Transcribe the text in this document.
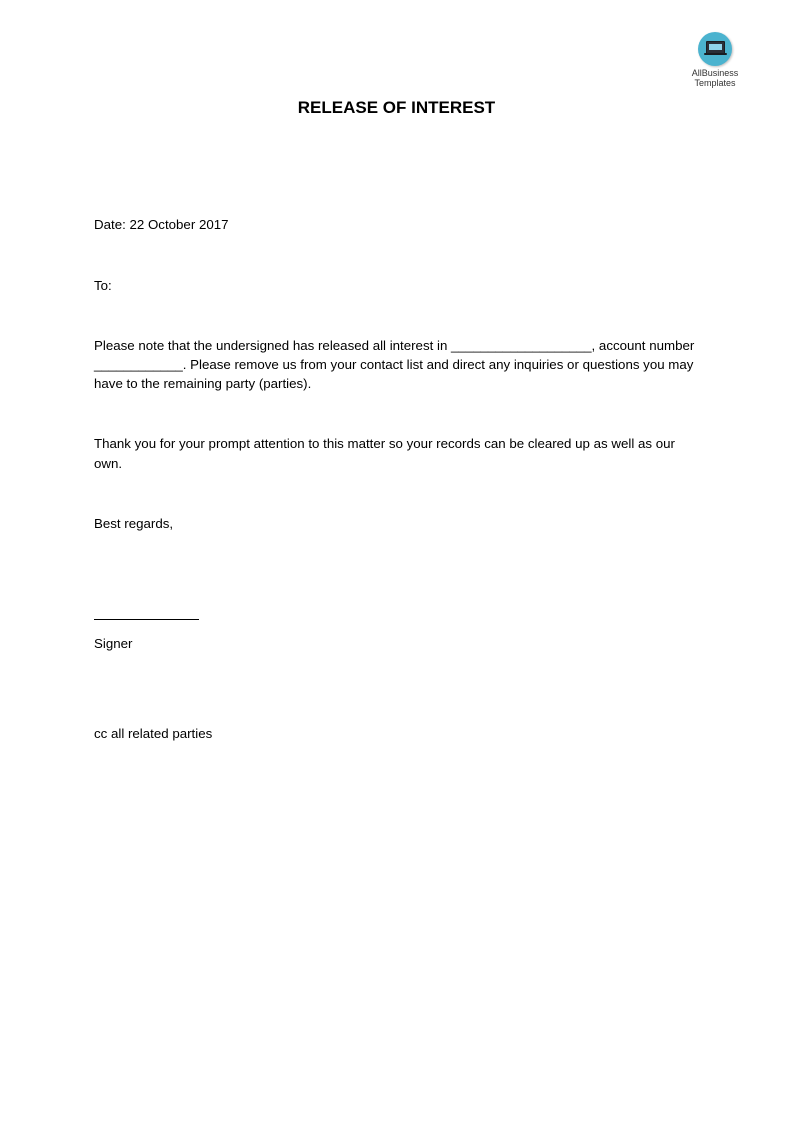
AllBusiness
Templates
RELEASE OF INTEREST
Date: 22 October 2017
To:
Please note that the undersigned has released all interest in ___________________, account number
____________. Please remove us from your contact list and direct any inquiries or questions you may
have to the remaining party (parties).
Thank you for your prompt attention to this matter so your records can be cleared up as well as our
own.
Best regards,
Signer
cc all related parties
